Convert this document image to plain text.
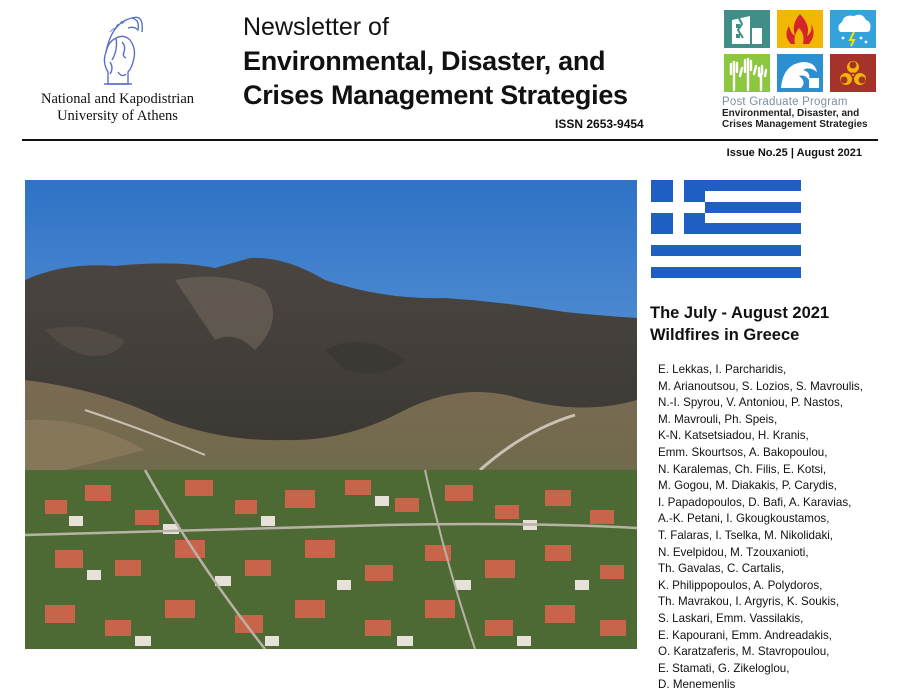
National and Kapodistrian
University of Athens
Newsletter of
Environmental, Disaster, and
Crises Management Strategies
ISSN 2653-9454
Post Graduate Program
Environmental, Disaster, and
Crises Management Strategies
Issue No.25 | August 2021
The July - August 2021
Wildfires in Greece
E. Lekkas, I. Parcharidis,
M. Arianoutsou, S. Lozios, S. Mavroulis,
N.-I. Spyrou, V. Antoniou, P. Nastos,
M. Mavrouli, Ph. Speis,
K-N. Katsetsiadou, H. Kranis,
Emm. Skourtsos, A. Bakopoulou,
N. Karalemas, Ch. Filis, E. Kotsi,
M. Gogou, M. Diakakis, P. Carydis,
I. Papadopoulos, D. Bafi, A. Karavias,
A.-K. Petani, I. Gkougkoustamos,
T. Falaras, I. Tselka, M. Nikolidaki,
N. Evelpidou, M. Tzouxanioti,
Th. Gavalas, C. Cartalis,
K. Philippopoulos, A. Polydoros,
Th. Mavrakou, I. Argyris, K. Soukis,
S. Laskari, Emm. Vassilakis,
E. Kapourani, Emm. Andreadakis,
O. Karatzaferis, M. Stavropoulou,
E. Stamati, G. Zikeloglou,
D. Menemenlis
